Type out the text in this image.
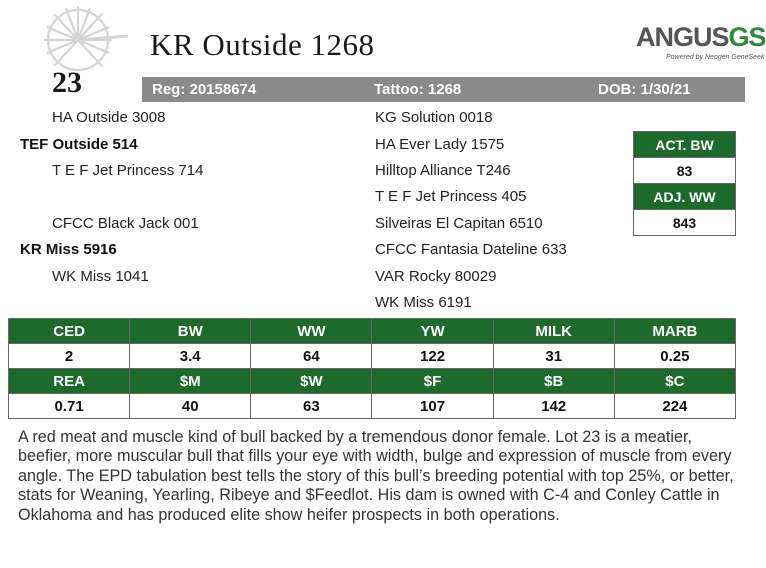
23
KR Outside 1268	ANGUSGS
Powered by Neogen GeneSeek
Reg: 20158674	Tattoo: 1268	DOB: 1/30/21
HA Outside 3008
TEF Outside 514
T E F Jet Princess 714
CFCC Black Jack 001
KR Miss 5916
WK Miss 1041
KG Solution 0018
HA Ever Lady 1575
Hilltop Alliance T246
T E F Jet Princess 405
Silveiras El Capitan 6510
CFCC Fantasia Dateline 633
VAR Rocky 80029
WK Miss 6191
ACT. BW
83
ADJ. WW
843
CED	BW	WW	YW	MILK	MARB
2	3.4	64	122	31	0.25
REA	$M	$W	$F	$B	$C
0.71	40	63	107	142	224
A red meat and muscle kind of bull backed by a tremendous donor female. Lot 23 is a meatier, beefier, more muscular bull that fills your eye with width, bulge and expression of muscle from every angle. The EPD tabulation best tells the story of this bull’s breeding potential with top 25%, or better, stats for Weaning, Yearling, Ribeye and $Feedlot. His dam is owned with C-4 and Conley Cattle in Oklahoma and has produced elite show heifer prospects in both operations.
